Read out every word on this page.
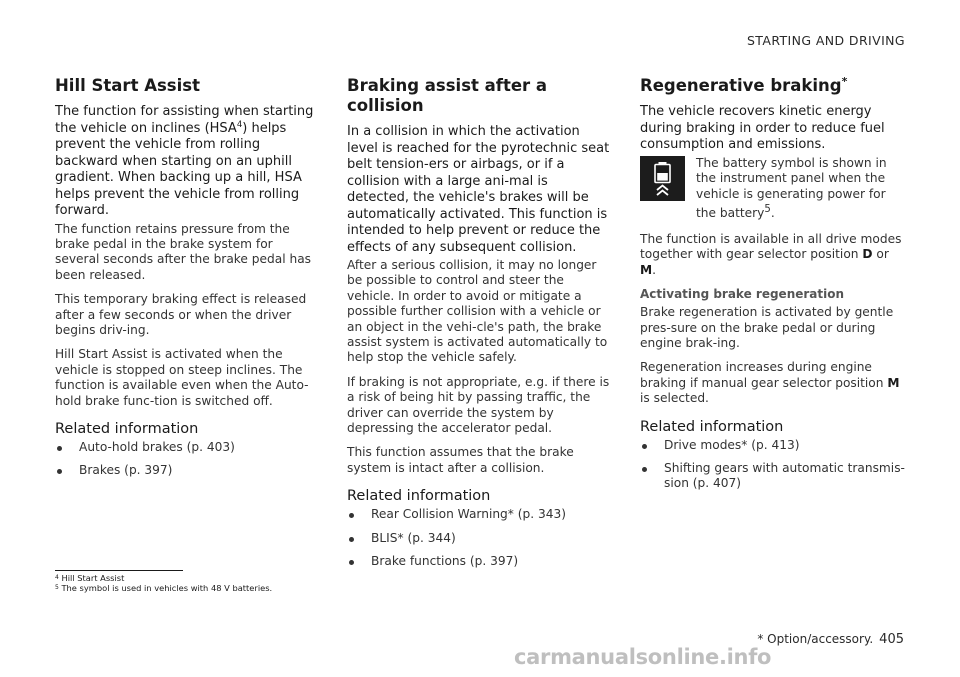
STARTING AND DRIVING
Hill Start Assist

The function for assisting when starting the vehicle on inclines (HSA$^4$) helps prevent the vehicle from rolling backward when starting on an uphill gradient. When backing up a hill, HSA helps prevent the vehicle from rolling forward.

The function retains pressure from the brake pedal in the brake system for several seconds after the brake pedal has been released.

This temporary braking effect is released after a few seconds or when the driver begins driv-ing.

Hill Start Assist is activated when the vehicle is stopped on steep inclines. The function is available even when the Auto-hold brake func-tion is switched off.

Related information
Auto-hold brakes (p. 403)
Brakes (p. 397)
Braking assist after a collision

In a collision in which the activation level is reached for the pyrotechnic seat belt tension-ers or airbags, or if a collision with a large ani-mal is detected, the vehicle's brakes will be automatically activated. This function is intended to help prevent or reduce the effects of any subsequent collision.

After a serious collision, it may no longer be possible to control and steer the vehicle. In order to avoid or mitigate a possible further collision with a vehicle or an object in the vehi-cle's path, the brake assist system is activated automatically to help stop the vehicle safely.

If braking is not appropriate, e.g. if there is a risk of being hit by passing traffic, the driver can override the system by depressing the accelerator pedal.

This function assumes that the brake system is intact after a collision.

Related information
Rear Collision Warning* (p. 343)
BLIS* (p. 344)
Brake functions (p. 397)
Regenerative braking*

The vehicle recovers kinetic energy during braking in order to reduce fuel consumption and emissions.

The battery symbol is shown in the instrument panel when the vehicle is generating power for the battery$^5$.

The function is available in all drive modes together with gear selector position D or M.

Activating brake regeneration

Brake regeneration is activated by gentle pres-sure on the brake pedal or during engine brak-ing.

Regeneration increases during engine braking if manual gear selector position M is selected.

Related information
Drive modes* (p. 413)
Shifting gears with automatic transmis-sion (p. 407)
$^4$ Hill Start Assist
$^5$ The symbol is used in vehicles with 48 V batteries.
* Option/accessory. 405
carmanualsonline.info
